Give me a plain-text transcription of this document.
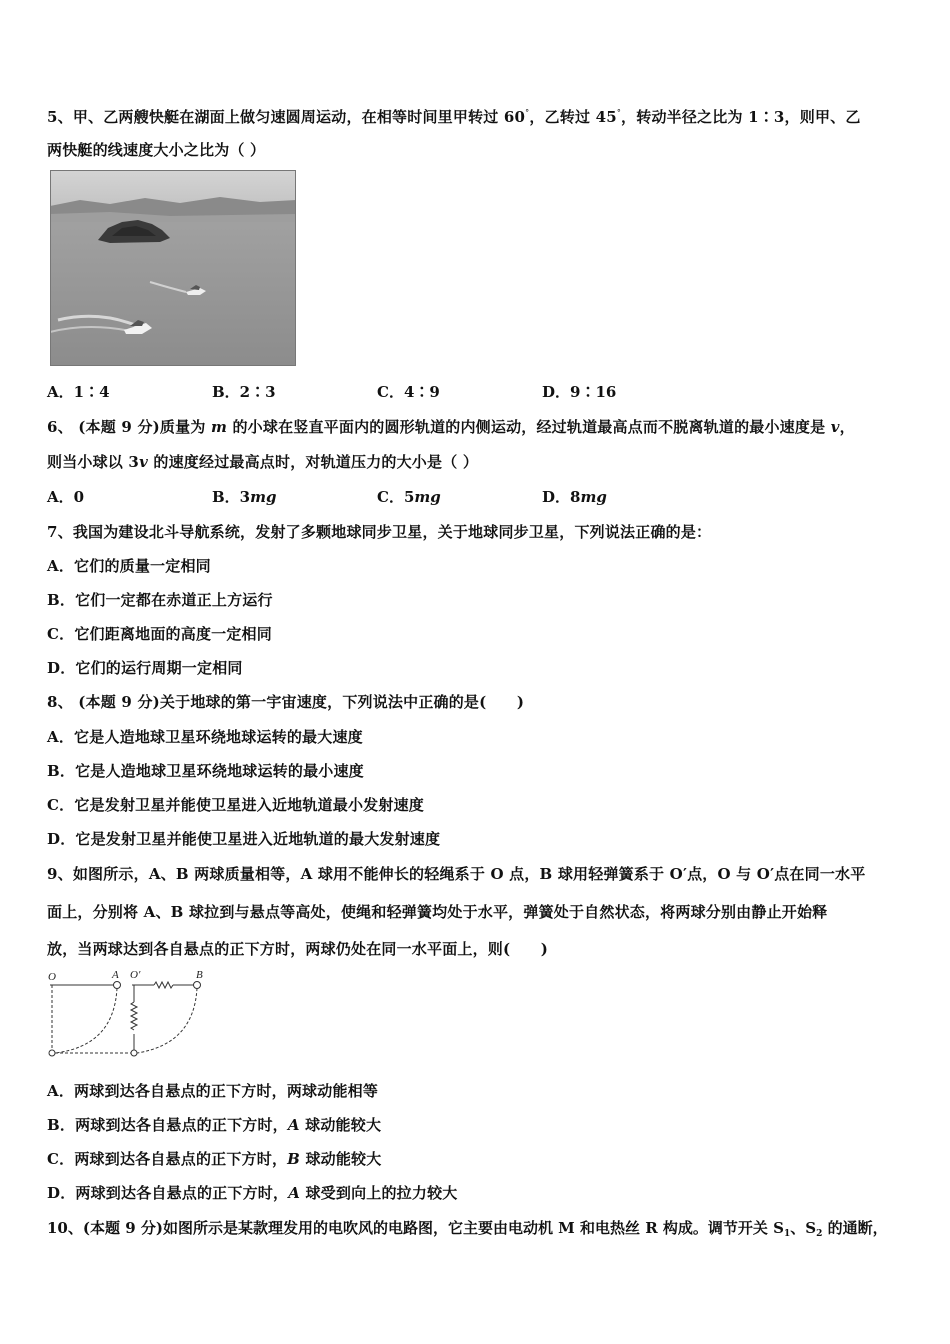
5、甲、乙两艘快艇在湖面上做匀速圆周运动，在相等时间里甲转过 60°，乙转过 45°，转动半径之比为 1∶3，则甲、乙
两快艇的线速度大小之比为（ ）
A．1∶4	B．2∶3	C．4∶9	D．9∶16
6、 (本题 9 分)质量为 m 的小球在竖直平面内的圆形轨道的内侧运动，经过轨道最高点而不脱离轨道的最小速度是 v，
则当小球以 3v 的速度经过最高点时，对轨道压力的大小是（ ）
A．0	B．3mg	C．5mg	D．8mg
7、我国为建设北斗导航系统，发射了多颗地球同步卫星，关于地球同步卫星，下列说法正确的是：
A．它们的质量一定相同
B．它们一定都在赤道正上方运行
C．它们距离地面的高度一定相同
D．它们的运行周期一定相同
8、 (本题 9 分)关于地球的第一宇宙速度，下列说法中正确的是(　　)
A．它是人造地球卫星环绕地球运转的最大速度
B．它是人造地球卫星环绕地球运转的最小速度
C．它是发射卫星并能使卫星进入近地轨道最小发射速度
D．它是发射卫星并能使卫星进入近地轨道的最大发射速度
9、如图所示，A、B 两球质量相等，A 球用不能伸长的轻绳系于 O 点，B 球用轻弹簧系于 O′点，O 与 O′点在同一水平
面上，分别将 A、B 球拉到与悬点等高处，使绳和轻弹簧均处于水平，弹簧处于自然状态，将两球分别由静止开始释
放，当两球达到各自悬点的正下方时，两球仍处在同一水平面上，则(　　)
O	A O′	B
A．两球到达各自悬点的正下方时，两球动能相等
B．两球到达各自悬点的正下方时，A 球动能较大
C．两球到达各自悬点的正下方时，B 球动能较大
D．两球到达各自悬点的正下方时，A 球受到向上的拉力较大
10、(本题 9 分)如图所示是某款理发用的电吹风的电路图，它主要由电动机 M 和电热丝 R 构成。调节开关 $S_1$、$S_2$ 的通断，
